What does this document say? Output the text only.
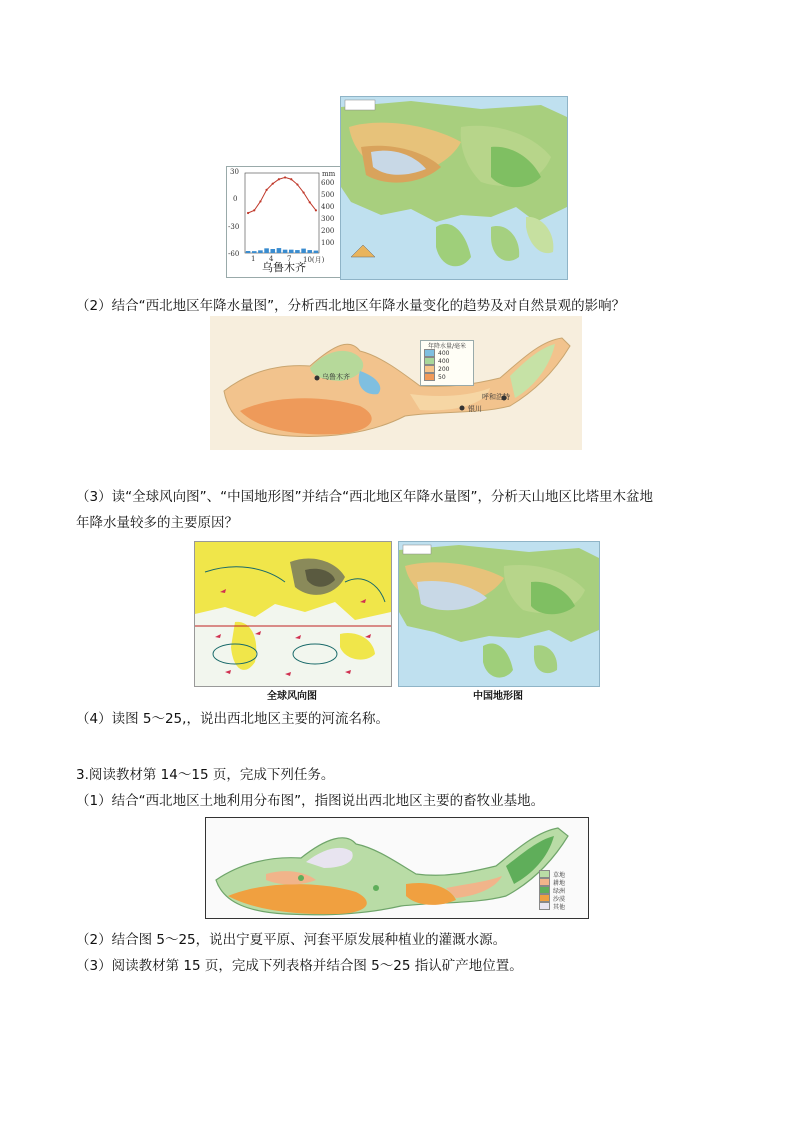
30
0
-30
-60
mm
600
500
400
300
200
100
1 4 7 10(月)
乌鲁木齐
（2）结合“西北地区年降水量图”，分析西北地区年降水量变化的趋势及对自然景观的影响？
乌鲁木齐
呼和浩特
银川
年降水量/毫米
400
400
200
50
（3）读“全球风向图”、“中国地形图”并结合“西北地区年降水量图”，分析天山地区比塔里木盆地
年降水量较多的主要原因？
全球风向图	中国地形图
（4）读图 5～25,，说出西北地区主要的河流名称。
3.阅读教材第 14～15 页，完成下列任务。
（1）结合“西北地区土地利用分布图”，指图说出西北地区主要的畜牧业基地。
草地
耕地
绿洲
沙漠
其他
（2）结合图 5～25，说出宁夏平原、河套平原发展种植业的灌溉水源。
（3）阅读教材第 15 页，完成下列表格并结合图 5～25 指认矿产地位置。
